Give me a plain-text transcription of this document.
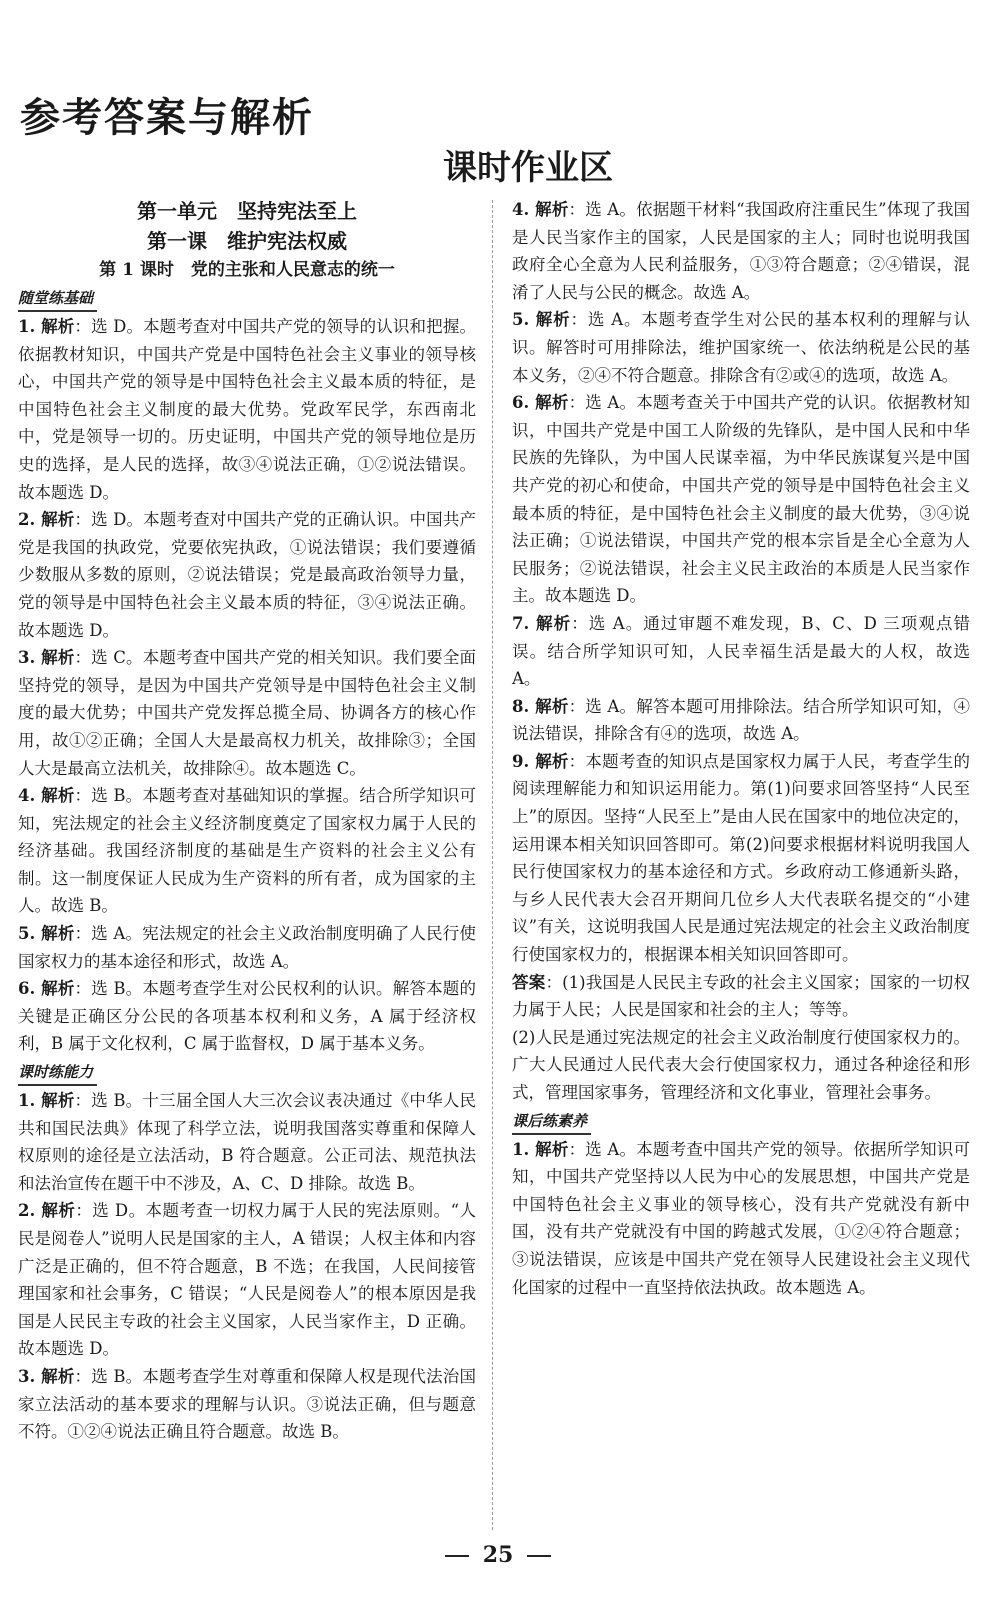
参考答案与解析
课时作业区

第一单元　坚持宪法至上

第一课　维护宪法权威

第 1 课时　党的主张和人民意志的统一

随堂练基础

1. 解析：选 D。本题考查对中国共产党的领导的认识和把握。依据教材知识，中国共产党是中国特色社会主义事业的领导核心，中国共产党的领导是中国特色社会主义最本质的特征，是中国特色社会主义制度的最大优势。党政军民学，东西南北中，党是领导一切的。历史证明，中国共产党的领导地位是历史的选择，是人民的选择，故③④说法正确，①②说法错误。故本题选 D。

2. 解析：选 D。本题考查对中国共产党的正确认识。中国共产党是我国的执政党，党要依宪执政，①说法错误；我们要遵循少数服从多数的原则，②说法错误；党是最高政治领导力量，党的领导是中国特色社会主义最本质的特征，③④说法正确。故本题选 D。

3. 解析：选 C。本题考查中国共产党的相关知识。我们要全面坚持党的领导，是因为中国共产党领导是中国特色社会主义制度的最大优势；中国共产党发挥总揽全局、协调各方的核心作用，故①②正确；全国人大是最高权力机关，故排除③；全国人大是最高立法机关，故排除④。故本题选 C。

4. 解析：选 B。本题考查对基础知识的掌握。结合所学知识可知，宪法规定的社会主义经济制度奠定了国家权力属于人民的经济基础。我国经济制度的基础是生产资料的社会主义公有制。这一制度保证人民成为生产资料的所有者，成为国家的主人。故选 B。

5. 解析：选 A。宪法规定的社会主义政治制度明确了人民行使国家权力的基本途径和形式，故选 A。

6. 解析：选 B。本题考查学生对公民权利的认识。解答本题的关键是正确区分公民的各项基本权利和义务，A 属于经济权利，B 属于文化权利，C 属于监督权，D 属于基本义务。

课时练能力

1. 解析：选 B。十三届全国人大三次会议表决通过《中华人民共和国民法典》体现了科学立法，说明我国落实尊重和保障人权原则的途径是立法活动，B 符合题意。公正司法、规范执法和法治宣传在题干中不涉及，A、C、D 排除。故选 B。

2. 解析：选 D。本题考查一切权力属于人民的宪法原则。“人民是阅卷人”说明人民是国家的主人，A 错误；人权主体和内容广泛是正确的，但不符合题意，B 不选；在我国，人民间接管理国家和社会事务，C 错误；“人民是阅卷人”的根本原因是我国是人民民主专政的社会主义国家，人民当家作主，D 正确。故本题选 D。

3. 解析：选 B。本题考查学生对尊重和保障人权是现代法治国家立法活动的基本要求的理解与认识。③说法正确，但与题意不符。①②④说法正确且符合题意。故选 B。

4. 解析：选 A。依据题干材料“我国政府注重民生”体现了我国是人民当家作主的国家，人民是国家的主人；同时也说明我国政府全心全意为人民利益服务，①③符合题意；②④错误，混淆了人民与公民的概念。故选 A。

5. 解析：选 A。本题考查学生对公民的基本权利的理解与认识。解答时可用排除法，维护国家统一、依法纳税是公民的基本义务，②④不符合题意。排除含有②或④的选项，故选 A。

6. 解析：选 A。本题考查关于中国共产党的认识。依据教材知识，中国共产党是中国工人阶级的先锋队，是中国人民和中华民族的先锋队，为中国人民谋幸福，为中华民族谋复兴是中国共产党的初心和使命，中国共产党的领导是中国特色社会主义最本质的特征，是中国特色社会主义制度的最大优势，③④说法正确；①说法错误，中国共产党的根本宗旨是全心全意为人民服务；②说法错误，社会主义民主政治的本质是人民当家作主。故本题选 D。

7. 解析：选 A。通过审题不难发现，B、C、D 三项观点错误。结合所学知识可知，人民幸福生活是最大的人权，故选 A。

8. 解析：选 A。解答本题可用排除法。结合所学知识可知，④说法错误，排除含有④的选项，故选 A。

9. 解析：本题考查的知识点是国家权力属于人民，考查学生的阅读理解能力和知识运用能力。第(1)问要求回答坚持“人民至上”的原因。坚持“人民至上”是由人民在国家中的地位决定的，运用课本相关知识回答即可。第(2)问要求根据材料说明我国人民行使国家权力的基本途径和方式。乡政府动工修通新头路，与乡人民代表大会召开期间几位乡人大代表联名提交的“小建议”有关，这说明我国人民是通过宪法规定的社会主义政治制度行使国家权力的，根据课本相关知识回答即可。

答案：(1)我国是人民民主专政的社会主义国家；国家的一切权力属于人民；人民是国家和社会的主人；等等。

(2)人民是通过宪法规定的社会主义政治制度行使国家权力的。广大人民通过人民代表大会行使国家权力，通过各种途径和形式，管理国家事务，管理经济和文化事业，管理社会事务。

课后练素养

1. 解析：选 A。本题考查中国共产党的领导。依据所学知识可知，中国共产党坚持以人民为中心的发展思想，中国共产党是中国特色社会主义事业的领导核心，没有共产党就没有新中国，没有共产党就没有中国的跨越式发展，①②④符合题意；③说法错误，应该是中国共产党在领导人民建设社会主义现代化国家的过程中一直坚持依法执政。故本题选 A。

25
